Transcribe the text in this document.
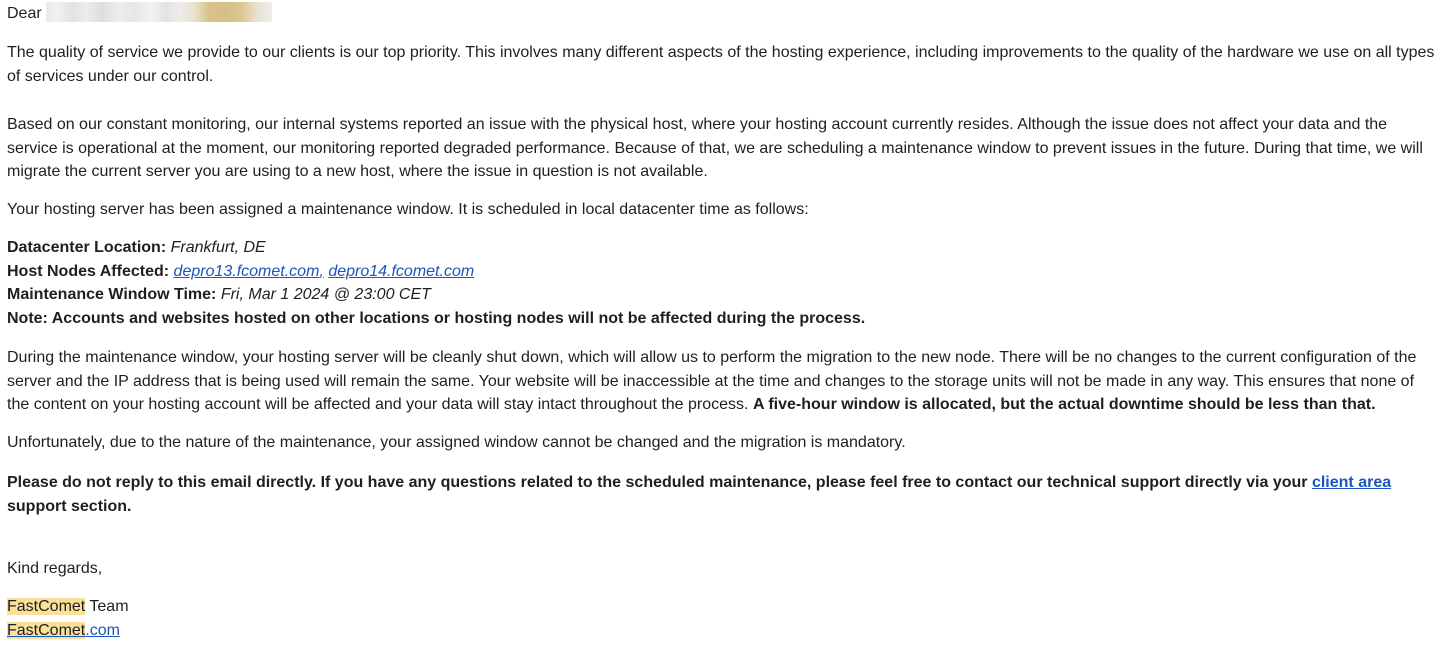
Dear

The quality of service we provide to our clients is our top priority. This involves many different aspects of the hosting experience, including improvements to the quality of the hardware we use on all types of services under our control.

Based on our constant monitoring, our internal systems reported an issue with the physical host, where your hosting account currently resides. Although the issue does not affect your data and the service is operational at the moment, our monitoring reported degraded performance. Because of that, we are scheduling a maintenance window to prevent issues in the future. During that time, we will migrate the current server you are using to a new host, where the issue in question is not available.

Your hosting server has been assigned a maintenance window. It is scheduled in local datacenter time as follows:

Datacenter Location: Frankfurt, DE
Host Nodes Affected: depro13.fcomet.com, depro14.fcomet.com
Maintenance Window Time: Fri, Mar 1 2024 @ 23:00 CET
Note: Accounts and websites hosted on other locations or hosting nodes will not be affected during the process.

During the maintenance window, your hosting server will be cleanly shut down, which will allow us to perform the migration to the new node. There will be no changes to the current configuration of the server and the IP address that is being used will remain the same. Your website will be inaccessible at the time and changes to the storage units will not be made in any way. This ensures that none of the content on your hosting account will be affected and your data will stay intact throughout the process. A five-hour window is allocated, but the actual downtime should be less than that.

Unfortunately, due to the nature of the maintenance, your assigned window cannot be changed and the migration is mandatory.

Please do not reply to this email directly. If you have any questions related to the scheduled maintenance, please feel free to contact our technical support directly via your client area support section.

Kind regards,

FastComet Team
FastComet.com
